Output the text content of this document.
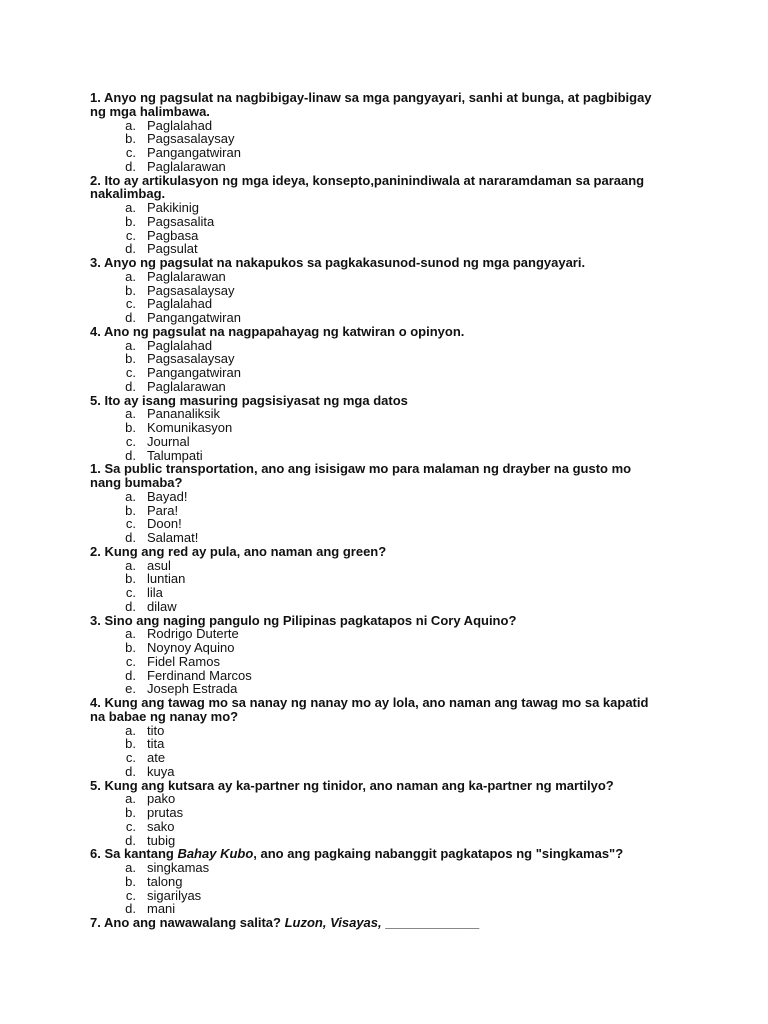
1. Anyo ng pagsulat na nagbibigay-linaw sa mga pangyayari, sanhi at bunga, at pagbibigay ng mga halimbawa.
a. Paglalahad
b. Pagsasalaysay
c. Pangangatwiran
d. Paglalarawan
2. Ito ay artikulasyon ng mga ideya, konsepto,paninindiwala at nararamdaman sa paraang nakalimbag.
a. Pakikinig
b. Pagsasalita
c. Pagbasa
d. Pagsulat
3. Anyo ng pagsulat na nakapukos sa pagkakasunod-sunod ng mga pangyayari.
a. Paglalarawan
b. Pagsasalaysay
c. Paglalahad
d. Pangangatwiran
4. Ano ng pagsulat na nagpapahayag ng katwiran o opinyon.
a. Paglalahad
b. Pagsasalaysay
c. Pangangatwiran
d. Paglalarawan
5. Ito ay isang masuring pagsisiyasat ng mga datos
a. Pananaliksik
b. Komunikasyon
c. Journal
d. Talumpati
1. Sa public transportation, ano ang isisigaw mo para malaman ng drayber na gusto mo nang bumaba?
a. Bayad!
b. Para!
c. Doon!
d. Salamat!
2. Kung ang red ay pula, ano naman ang green?
a. asul
b. luntian
c. lila
d. dilaw
3. Sino ang naging pangulo ng Pilipinas pagkatapos ni Cory Aquino?
a. Rodrigo Duterte
b. Noynoy Aquino
c. Fidel Ramos
d. Ferdinand Marcos
e. Joseph Estrada
4. Kung ang tawag mo sa nanay ng nanay mo ay lola, ano naman ang tawag mo sa kapatid na babae ng nanay mo?
a. tito
b. tita
c. ate
d. kuya
5. Kung ang kutsara ay ka-partner ng tinidor, ano naman ang ka-partner ng martilyo?
a. pako
b. prutas
c. sako
d. tubig
6. Sa kantang Bahay Kubo, ano ang pagkaing nabanggit pagkatapos ng "singkamas"?
a. singkamas
b. talong
c. sigarilyas
d. mani
7. Ano ang nawawalang salita? Luzon, Visayas, _____________
